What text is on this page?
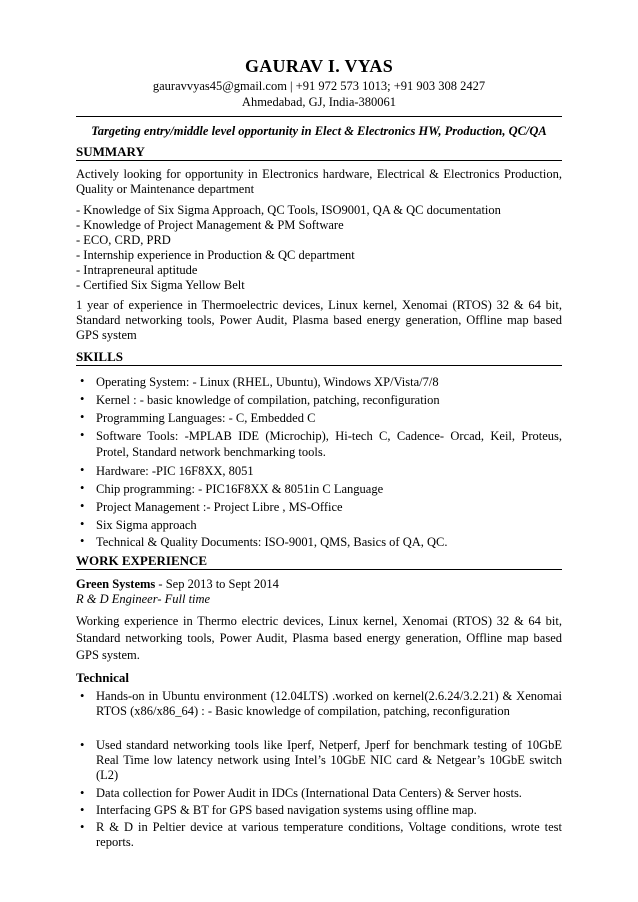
GAURAV I. VYAS
gauravvyas45@gmail.com | +91 972 573 1013; +91 903 308 2427
Ahmedabad, GJ, India-380061
Targeting entry/middle level opportunity in Elect & Electronics HW, Production, QC/QA
SUMMARY
Actively looking for opportunity in Electronics hardware, Electrical & Electronics Production, Quality or Maintenance department
- Knowledge of Six Sigma Approach, QC Tools, ISO9001, QA & QC documentation
- Knowledge of Project Management & PM Software
- ECO, CRD, PRD
- Internship experience in Production & QC department
- Intrapreneural aptitude
- Certified Six Sigma Yellow Belt
1 year of experience in Thermoelectric devices, Linux kernel, Xenomai (RTOS) 32 & 64 bit, Standard networking tools, Power Audit, Plasma based energy generation, Offline map based GPS system
SKILLS
• Operating System: - Linux (RHEL, Ubuntu), Windows XP/Vista/7/8
• Kernel : - basic knowledge of compilation, patching, reconfiguration
• Programming Languages: - C, Embedded C
• Software Tools: -MPLAB IDE (Microchip), Hi-tech C, Cadence- Orcad, Keil, Proteus, Protel, Standard network benchmarking tools.
• Hardware: -PIC 16F8XX, 8051
• Chip programming: - PIC16F8XX & 8051in C Language
• Project Management :- Project Libre , MS-Office
• Six Sigma approach
• Technical & Quality Documents: ISO-9001, QMS, Basics of QA, QC.
WORK EXPERIENCE
Green Systems - Sep 2013 to Sept 2014
R & D Engineer- Full time
Working experience in Thermo electric devices, Linux kernel, Xenomai (RTOS) 32 & 64 bit, Standard networking tools, Power Audit, Plasma based energy generation, Offline map based GPS system.
Technical
• Hands-on in Ubuntu environment (12.04LTS) .worked on kernel(2.6.24/3.2.21) & Xenomai RTOS (x86/x86_64) : - Basic knowledge of compilation, patching, reconfiguration
• Used standard networking tools like Iperf, Netperf, Jperf for benchmark testing of 10GbE Real Time low latency network using Intel’s 10GbE NIC card & Netgear’s 10GbE switch (L2)
• Data collection for Power Audit in IDCs (International Data Centers) & Server hosts.
• Interfacing GPS & BT for GPS based navigation systems using offline map.
• R & D in Peltier device at various temperature conditions, Voltage conditions, wrote test reports.
